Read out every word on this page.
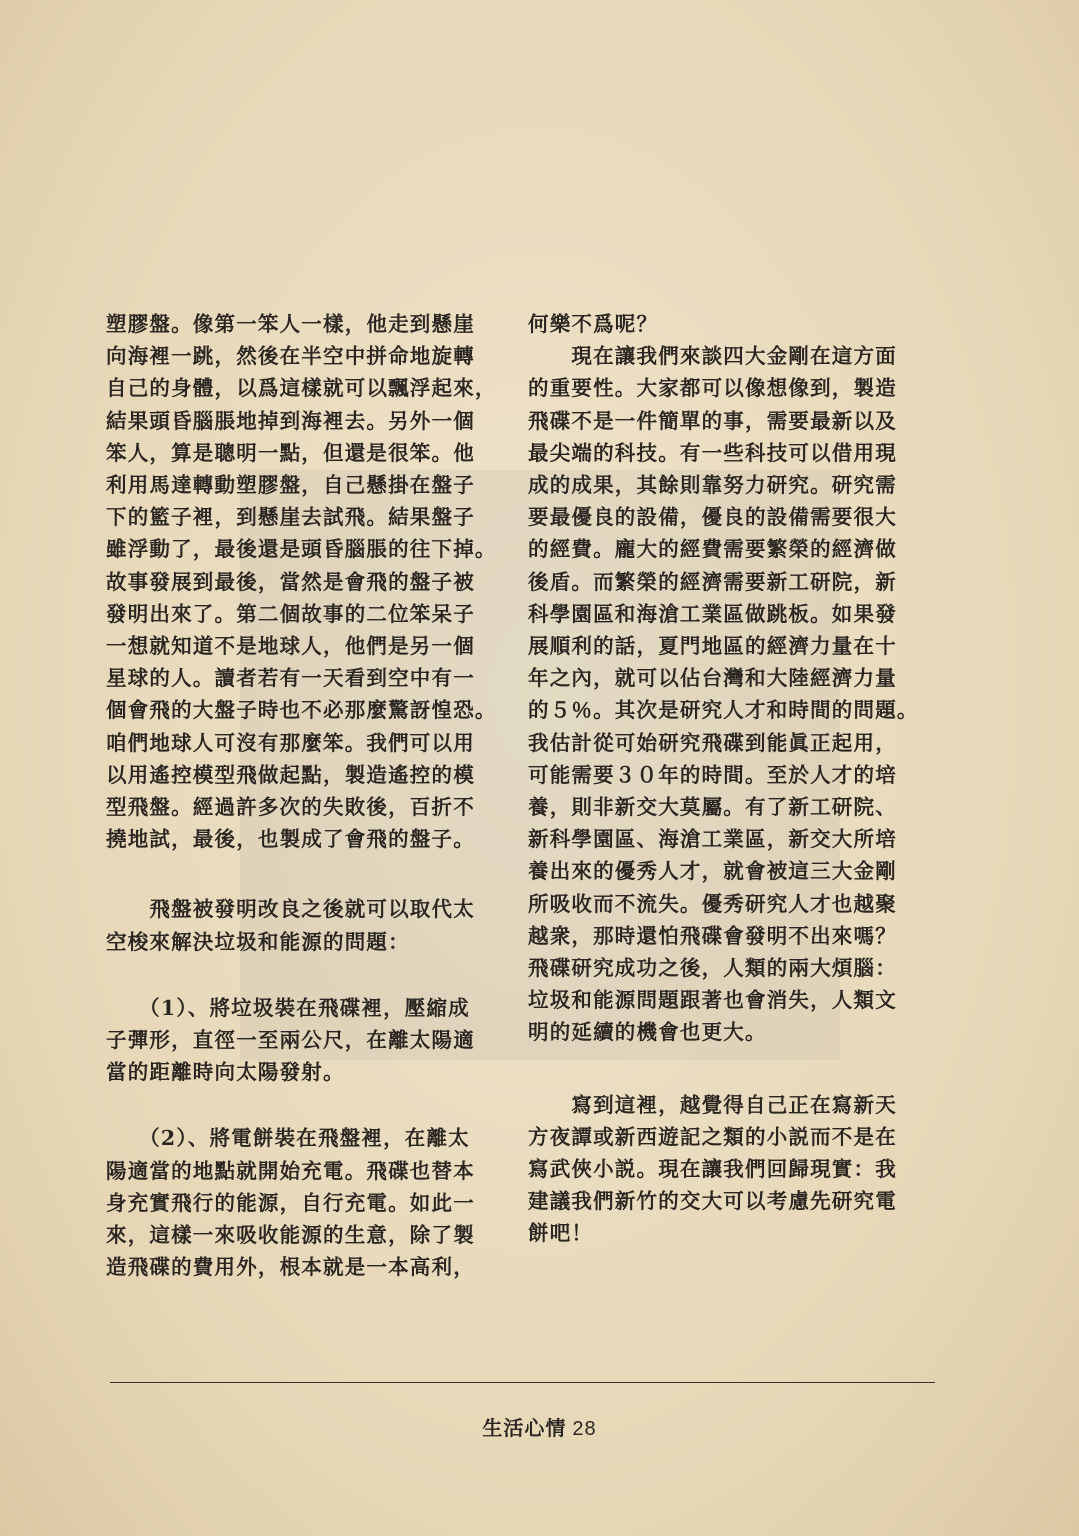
塑膠盤。像第一笨人一樣，他走到懸崖
向海裡一跳，然後在半空中拼命地旋轉
自己的身體，以爲這樣就可以飄浮起來，
結果頭昏腦脹地掉到海裡去。另外一個
笨人，算是聰明一點，但還是很笨。他
利用馬達轉動塑膠盤，自己懸掛在盤子
下的籃子裡，到懸崖去試飛。結果盤子
雖浮動了，最後還是頭昏腦脹的往下掉。
故事發展到最後，當然是會飛的盤子被
發明出來了。第二個故事的二位笨呆子
一想就知道不是地球人，他們是另一個
星球的人。讀者若有一天看到空中有一
個會飛的大盤子時也不必那麼驚訝惶恐。
咱們地球人可沒有那麼笨。我們可以用
以用遙控模型飛做起點，製造遙控的模
型飛盤。經過許多次的失敗後，百折不
撓地試，最後，也製成了會飛的盤子。
　　飛盤被發明改良之後就可以取代太
空梭來解決垃圾和能源的問題：
　　（1）、將垃圾裝在飛碟裡，壓縮成
子彈形，直徑一至兩公尺，在離太陽適
當的距離時向太陽發射。
　　（2）、將電餅裝在飛盤裡，在離太
陽適當的地點就開始充電。飛碟也替本
身充實飛行的能源，自行充電。如此一
來，這樣一來吸收能源的生意，除了製
造飛碟的費用外，根本就是一本高利，
何樂不爲呢？
　　現在讓我們來談四大金剛在這方面
的重要性。大家都可以像想像到，製造
飛碟不是一件簡單的事，需要最新以及
最尖端的科技。有一些科技可以借用現
成的成果，其餘則靠努力研究。研究需
要最優良的設備，優良的設備需要很大
的經費。龐大的經費需要繁榮的經濟做
後盾。而繁榮的經濟需要新工研院，新
科學園區和海滄工業區做跳板。如果發
展順利的話，夏門地區的經濟力量在十
年之內，就可以佔台灣和大陸經濟力量
的５％。其次是研究人才和時間的問題。
我估計從可始研究飛碟到能眞正起用，
可能需要３０年的時間。至於人才的培
養，則非新交大莫屬。有了新工研院、
新科學園區、海滄工業區，新交大所培
養出來的優秀人才，就會被這三大金剛
所吸收而不流失。優秀研究人才也越聚
越衆，那時還怕飛碟會發明不出來嗎？
飛碟研究成功之後，人類的兩大煩腦：
垃圾和能源問題跟著也會消失，人類文
明的延續的機會也更大。
　　寫到這裡，越覺得自己正在寫新天
方夜譚或新西遊記之類的小説而不是在
寫武俠小説。現在讓我們回歸現實：我
建議我們新竹的交大可以考慮先研究電
餅吧！
生活心情 28
